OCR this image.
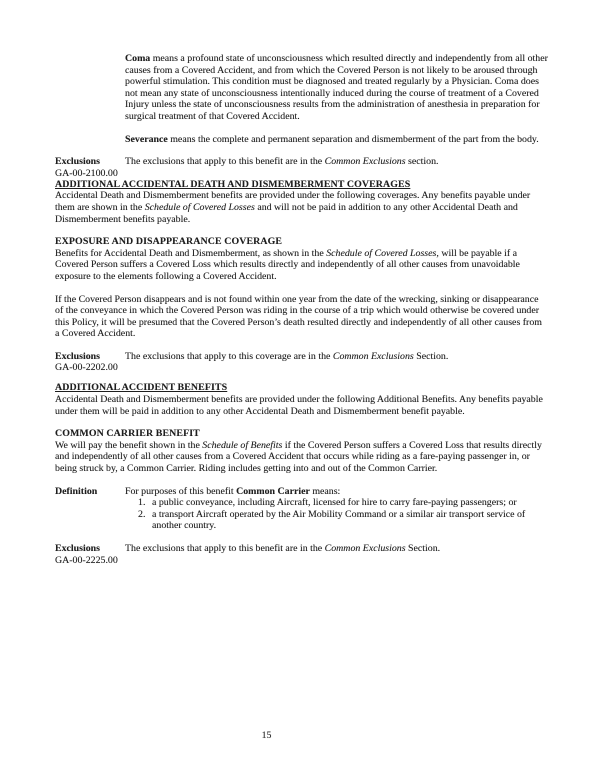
Coma means a profound state of unconsciousness which resulted directly and independently from all other causes from a Covered Accident, and from which the Covered Person is not likely to be aroused through powerful stimulation. This condition must be diagnosed and treated regularly by a Physician. Coma does not mean any state of unconsciousness intentionally induced during the course of treatment of a Covered Injury unless the state of unconsciousness results from the administration of anesthesia in preparation for surgical treatment of that Covered Accident.

Severance means the complete and permanent separation and dismemberment of the part from the body.

Exclusions
GA-00-2100.00
The exclusions that apply to this benefit are in the Common Exclusions section.
ADDITIONAL ACCIDENTAL DEATH AND DISMEMBERMENT COVERAGES

Accidental Death and Dismemberment benefits are provided under the following coverages. Any benefits payable under them are shown in the Schedule of Covered Losses and will not be paid in addition to any other Accidental Death and Dismemberment benefits payable.

EXPOSURE AND DISAPPEARANCE COVERAGE

Benefits for Accidental Death and Dismemberment, as shown in the Schedule of Covered Losses, will be payable if a Covered Person suffers a Covered Loss which results directly and independently of all other causes from unavoidable exposure to the elements following a Covered Accident.

If the Covered Person disappears and is not found within one year from the date of the wrecking, sinking or disappearance of the conveyance in which the Covered Person was riding in the course of a trip which would otherwise be covered under this Policy, it will be presumed that the Covered Person’s death resulted directly and independently of all other causes from a Covered Accident.

Exclusions
GA-00-2202.00
The exclusions that apply to this coverage are in the Common Exclusions Section.
ADDITIONAL ACCIDENT BENEFITS

Accidental Death and Dismemberment benefits are provided under the following Additional Benefits. Any benefits payable under them will be paid in addition to any other Accidental Death and Dismemberment benefit payable.

COMMON CARRIER BENEFIT

We will pay the benefit shown in the Schedule of Benefits if the Covered Person suffers a Covered Loss that results directly and independently of all other causes from a Covered Accident that occurs while riding as a fare-paying passenger in, or being struck by, a Common Carrier. Riding includes getting into and out of the Common Carrier.

Definition	For purposes of this benefit Common Carrier means:
1. a public conveyance, including Aircraft, licensed for hire to carry fare-paying passengers; or
2. a transport Aircraft operated by the Air Mobility Command or a similar air transport service of another country.
Exclusions
GA-00-2225.00
The exclusions that apply to this benefit are in the Common Exclusions Section.
15
